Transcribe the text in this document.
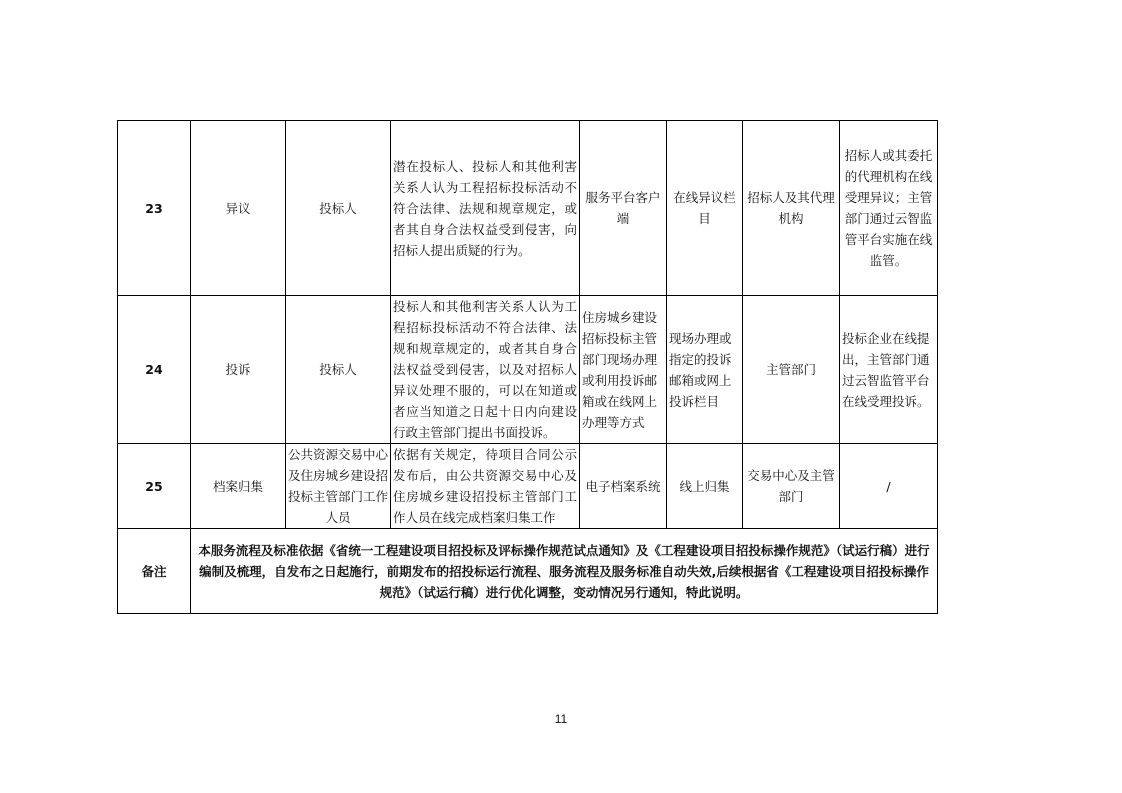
23	异议	投标人	潜在投标人、投标人和其他利害关系人认为工程招标投标活动不符合法律、法规和规章规定，或者其自身合法权益受到侵害，向招标人提出质疑的行为。	服务平台客户端	在线异议栏目	招标人及其代理机构	招标人或其委托的代理机构在线受理异议；主管部门通过云智监管平台实施在线监管。
24	投诉	投标人	投标人和其他利害关系人认为工程招标投标活动不符合法律、法规和规章规定的，或者其自身合法权益受到侵害，以及对招标人异议处理不服的，可以在知道或者应当知道之日起十日内向建设行政主管部门提出书面投诉。	住房城乡建设招标投标主管部门现场办理或利用投诉邮箱或在线网上办理等方式	现场办理或指定的投诉邮箱或网上投诉栏目	主管部门	投标企业在线提出，主管部门通过云智监管平台在线受理投诉。
25	档案归集	公共资源交易中心及住房城乡建设招投标主管部门工作人员	依据有关规定，待项目合同公示发布后，由公共资源交易中心及住房城乡建设招投标主管部门工作人员在线完成档案归集工作	电子档案系统	线上归集	交易中心及主管部门	/
备注	本服务流程及标准依据《省统一工程建设项目招投标及评标操作规范试点通知》及《工程建设项目招投标操作规范》（试运行稿）进行编制及梳理，自发布之日起施行，前期发布的招投标运行流程、服务流程及服务标准自动失效,后续根据省《工程建设项目招投标操作规范》（试运行稿）进行优化调整，变动情况另行通知，特此说明。						
11
